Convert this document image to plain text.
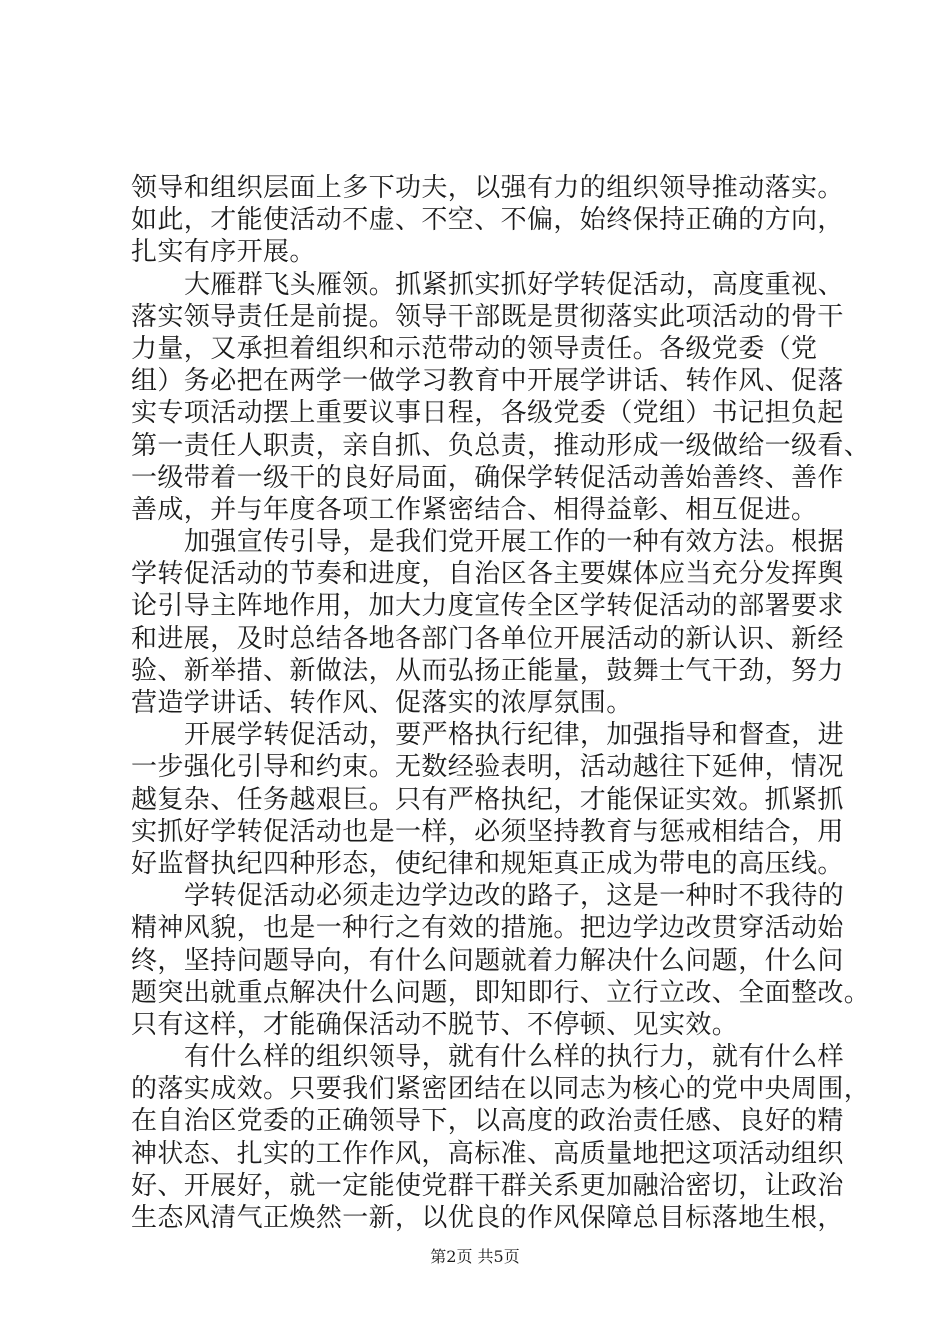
领导和组织层面上多下功夫，以强有力的组织领导推动落实。
如此，才能使活动不虚、不空、不偏，始终保持正确的方向，
扎实有序开展。
大雁群飞头雁领。抓紧抓实抓好学转促活动，高度重视、
落实领导责任是前提。领导干部既是贯彻落实此项活动的骨干
力量，又承担着组织和示范带动的领导责任。各级党委（党
组）务必把在两学一做学习教育中开展学讲话、转作风、促落
实专项活动摆上重要议事日程，各级党委（党组）书记担负起
第一责任人职责，亲自抓、负总责，推动形成一级做给一级看、
一级带着一级干的良好局面，确保学转促活动善始善终、善作
善成，并与年度各项工作紧密结合、相得益彰、相互促进。
加强宣传引导，是我们党开展工作的一种有效方法。根据
学转促活动的节奏和进度，自治区各主要媒体应当充分发挥舆
论引导主阵地作用，加大力度宣传全区学转促活动的部署要求
和进展，及时总结各地各部门各单位开展活动的新认识、新经
验、新举措、新做法，从而弘扬正能量，鼓舞士气干劲，努力
营造学讲话、转作风、促落实的浓厚氛围。
开展学转促活动，要严格执行纪律，加强指导和督查，进
一步强化引导和约束。无数经验表明，活动越往下延伸，情况
越复杂、任务越艰巨。只有严格执纪，才能保证实效。抓紧抓
实抓好学转促活动也是一样，必须坚持教育与惩戒相结合，用
好监督执纪四种形态，使纪律和规矩真正成为带电的高压线。
学转促活动必须走边学边改的路子，这是一种时不我待的
精神风貌，也是一种行之有效的措施。把边学边改贯穿活动始
终，坚持问题导向，有什么问题就着力解决什么问题，什么问
题突出就重点解决什么问题，即知即行、立行立改、全面整改。
只有这样，才能确保活动不脱节、不停顿、见实效。
有什么样的组织领导，就有什么样的执行力，就有什么样
的落实成效。只要我们紧密团结在以同志为核心的党中央周围，
在自治区党委的正确领导下，以高度的政治责任感、良好的精
神状态、扎实的工作作风，高标准、高质量地把这项活动组织
好、开展好，就一定能使党群干群关系更加融洽密切，让政治
生态风清气正焕然一新，以优良的作风保障总目标落地生根，
第2页 共5页
